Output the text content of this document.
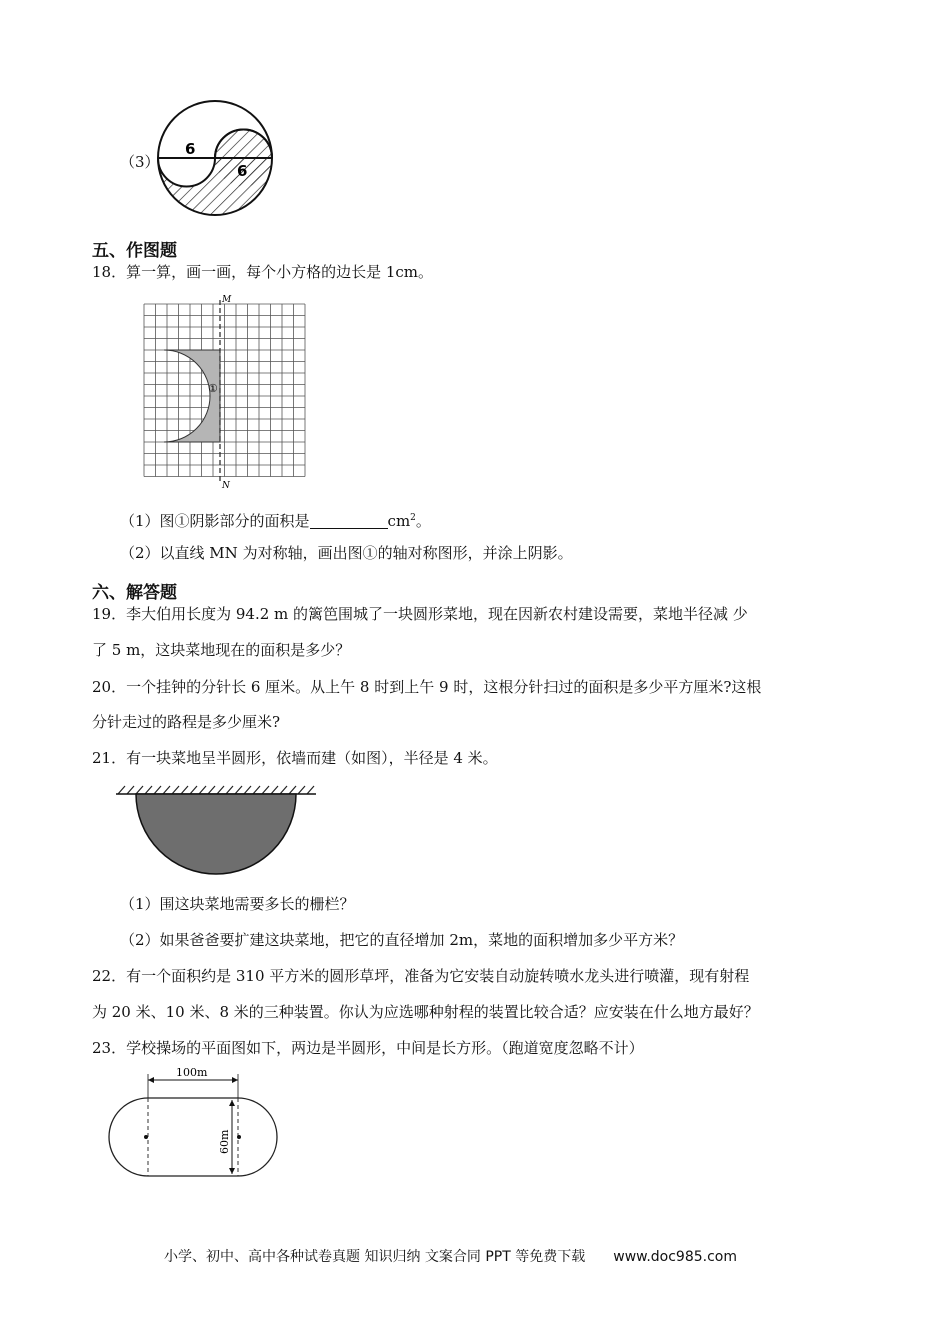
（3）
6
6
五、作图题
18．算一算，画一画，每个小方格的边长是 1cm。
M
N
①
（1）图①阴影部分的面积是	$cm^2$。
（2）以直线 MN 为对称轴，画出图①的轴对称图形，并涂上阴影。
六、解答题
19．李大伯用长度为 94.2 m 的篱笆围城了一块圆形菜地，现在因新农村建设需要，菜地半径减 少
了 5 m，这块菜地现在的面积是多少？
20．一个挂钟的分针长 6 厘米。从上午 8 时到上午 9 时，这根分针扫过的面积是多少平方厘米?这根
分针走过的路程是多少厘米?
21．有一块菜地呈半圆形，依墙而建（如图），半径是 4 米。
（1）围这块菜地需要多长的栅栏？
（2）如果爸爸要扩建这块菜地，把它的直径增加 2m，菜地的面积增加多少平方米？
22．有一个面积约是 310 平方米的圆形草坪，准备为它安装自动旋转喷水龙头进行喷灌，现有射程
为 20 米、10 米、8 米的三种装置。你认为应选哪种射程的装置比较合适？应安装在什么地方最好？
23．学校操场的平面图如下，两边是半圆形，中间是长方形。（跑道宽度忽略不计）
100m
60m
小学、初中、高中各种试卷真题 知识归纳 文案合同 PPT 等免费下载 www.doc985.com
